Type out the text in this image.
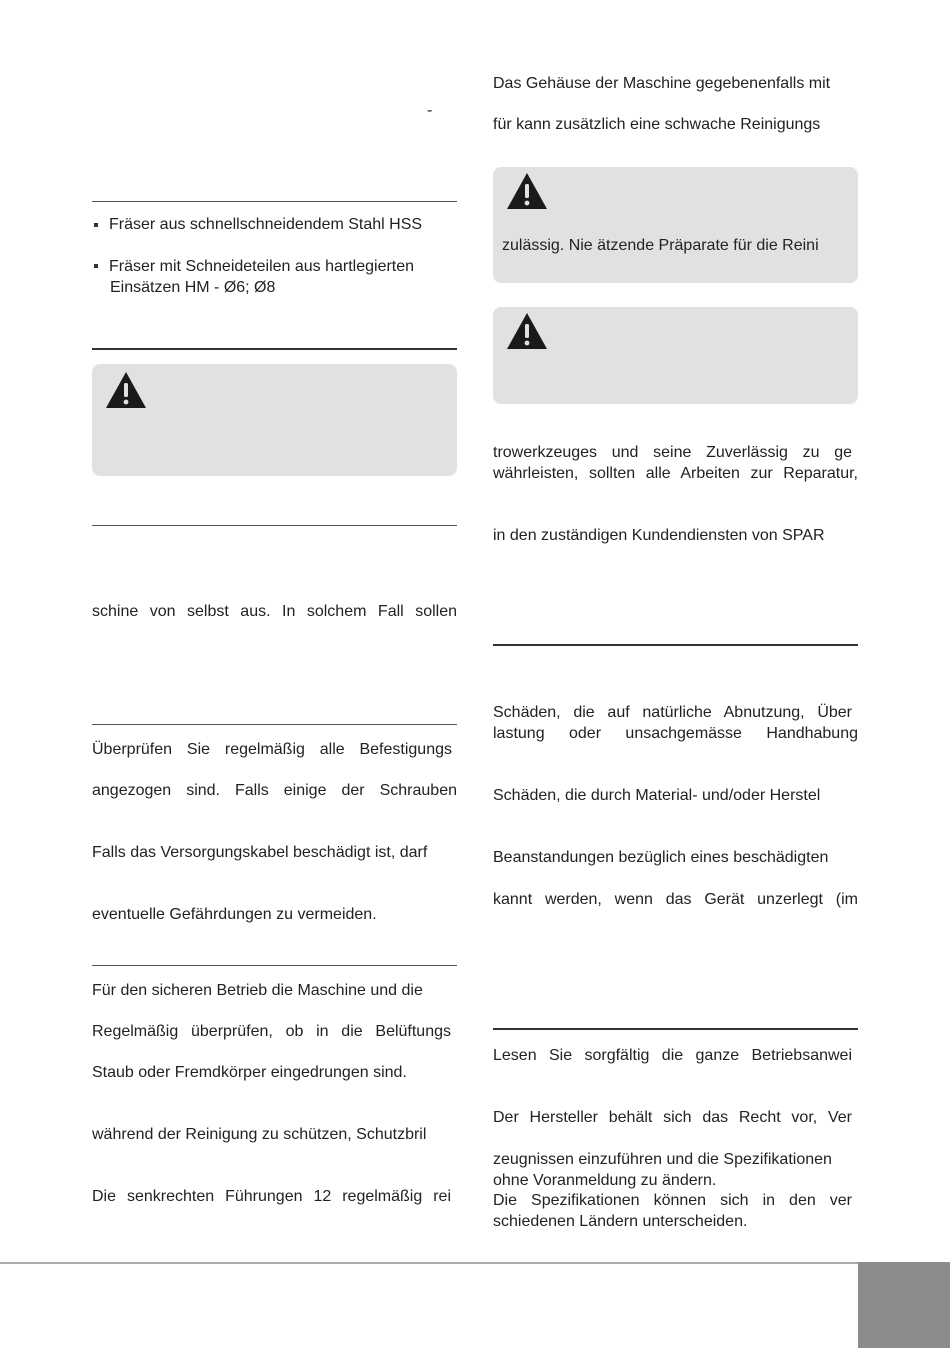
-
Fräser aus schnellschneidendem Stahl HSS
Fräser mit Schneideteilen aus hartlegierten
Einsätzen HM - Ø6; Ø8
schine von selbst aus. In solchem Fall sollen
Überprüfen Sie regelmäßig alle Befestigungs
angezogen sind. Falls einige der Schrauben
Falls das Versorgungskabel beschädigt ist, darf
eventuelle Gefährdungen zu vermeiden.
Für den sicheren Betrieb die Maschine und die
Regelmäßig überprüfen, ob in die Belüftungs
Staub oder Fremdkörper eingedrungen sind.
während der Reinigung zu schützen, Schutzbril
Die senkrechten Führungen 12 regelmäßig rei
Das Gehäuse der Maschine gegebenenfalls mit
für kann zusätzlich eine schwache Reinigungs
zulässig. Nie ätzende Präparate für die Reini
trowerkzeuges und seine Zuverlässig zu ge
währleisten, sollten alle Arbeiten zur Reparatur,
in den zuständigen Kundendiensten von SPAR
Schäden, die auf natürliche Abnutzung, Über
lastung oder unsachgemässe Handhabung
Schäden, die durch Material- und/oder Herstel
Beanstandungen bezüglich eines beschädigten
kannt werden, wenn das Gerät unzerlegt (im
Lesen Sie sorgfältig die ganze Betriebsanwei
Der Hersteller behält sich das Recht vor, Ver
zeugnissen einzuführen und die Spezifikationen
ohne Voranmeldung zu ändern.
Die Spezifikationen können sich in den ver
schiedenen Ländern unterscheiden.
